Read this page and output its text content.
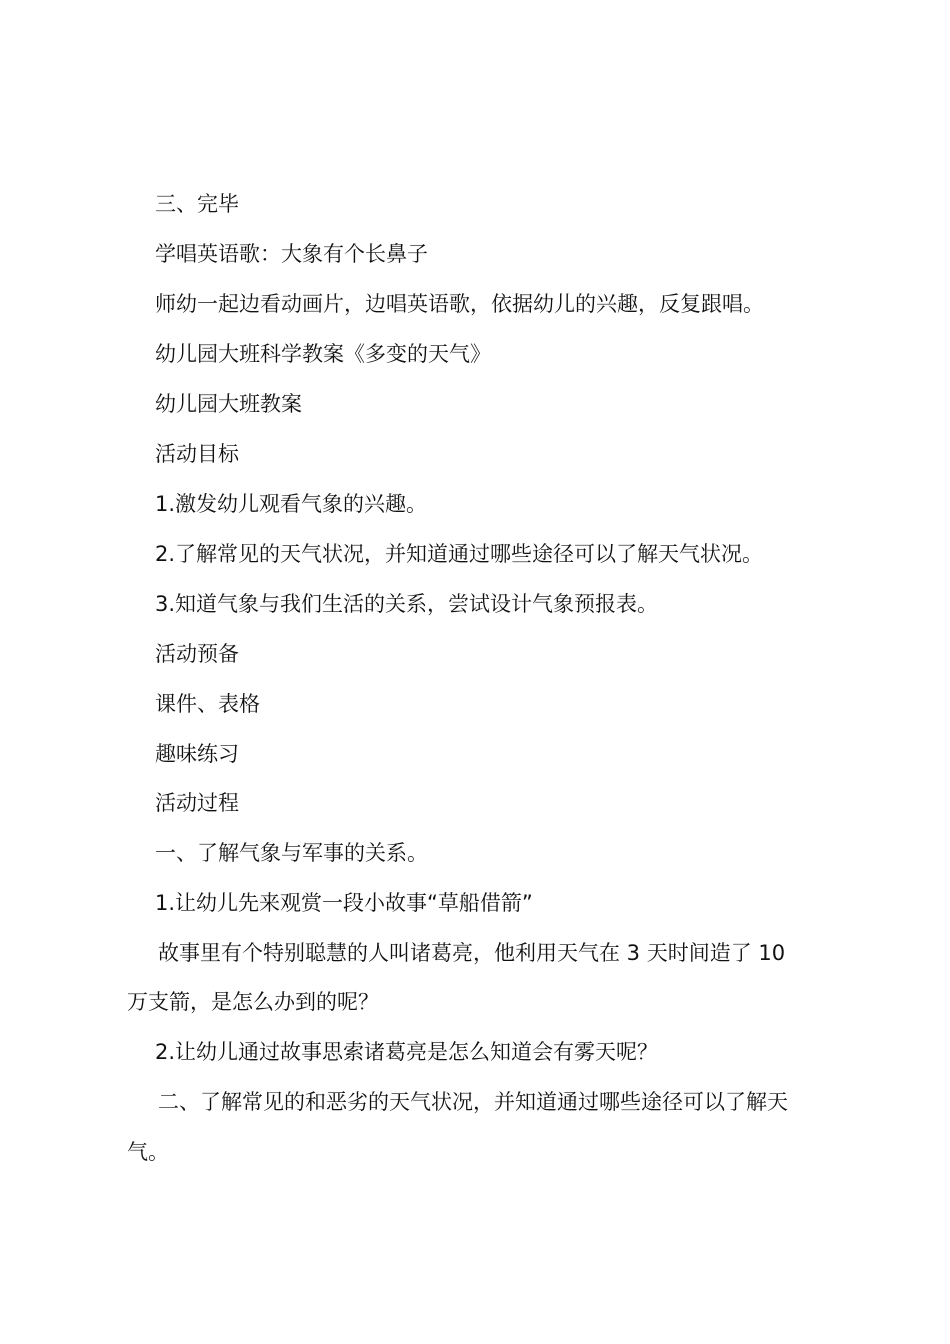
三、完毕
学唱英语歌：大象有个长鼻子
师幼一起边看动画片，边唱英语歌，依据幼儿的兴趣，反复跟唱。
幼儿园大班科学教案《多变的天气》
幼儿园大班教案
活动目标
1.激发幼儿观看气象的兴趣。
2.了解常见的天气状况，并知道通过哪些途径可以了解天气状况。
3.知道气象与我们生活的关系，尝试设计气象预报表。
活动预备
课件、表格
趣味练习
活动过程
一、了解气象与军事的关系。
1.让幼儿先来观赏一段小故事“草船借箭”
故事里有个特别聪慧的人叫诸葛亮，他利用天气在 3 天时间造了 10
万支箭，是怎么办到的呢？
2.让幼儿通过故事思索诸葛亮是怎么知道会有雾天呢？
二、了解常见的和恶劣的天气状况，并知道通过哪些途径可以了解天
气。
